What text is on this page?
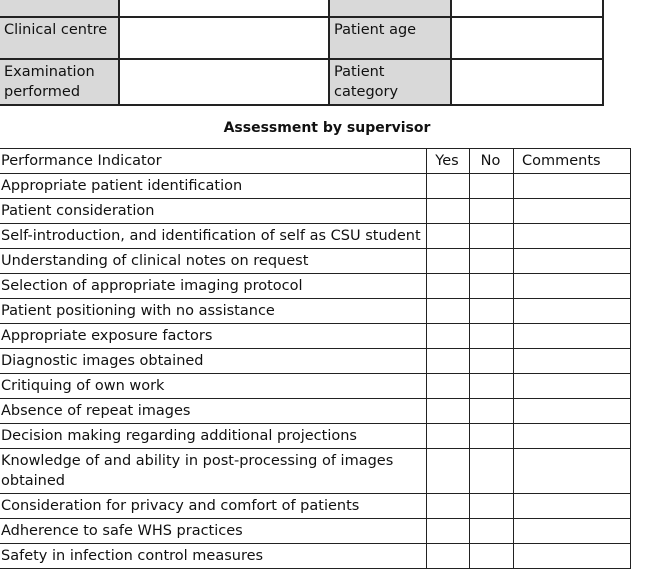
Clinical centre		Patient age	
Examination performed		Patient category	
Assessment by supervisor
Performance Indicator	Yes	No	Comments
Appropriate patient identification			
Patient consideration			
Self-introduction, and identification of self as CSU student			
Understanding of clinical notes on request			
Selection of appropriate imaging protocol			
Patient positioning with no assistance			
Appropriate exposure factors			
Diagnostic images obtained			
Critiquing of own work			
Absence of repeat images			
Decision making regarding additional projections			
Knowledge of and ability in post-processing of images obtained			
Consideration for privacy and comfort of patients			
Adherence to safe WHS practices			
Safety in infection control measures			
